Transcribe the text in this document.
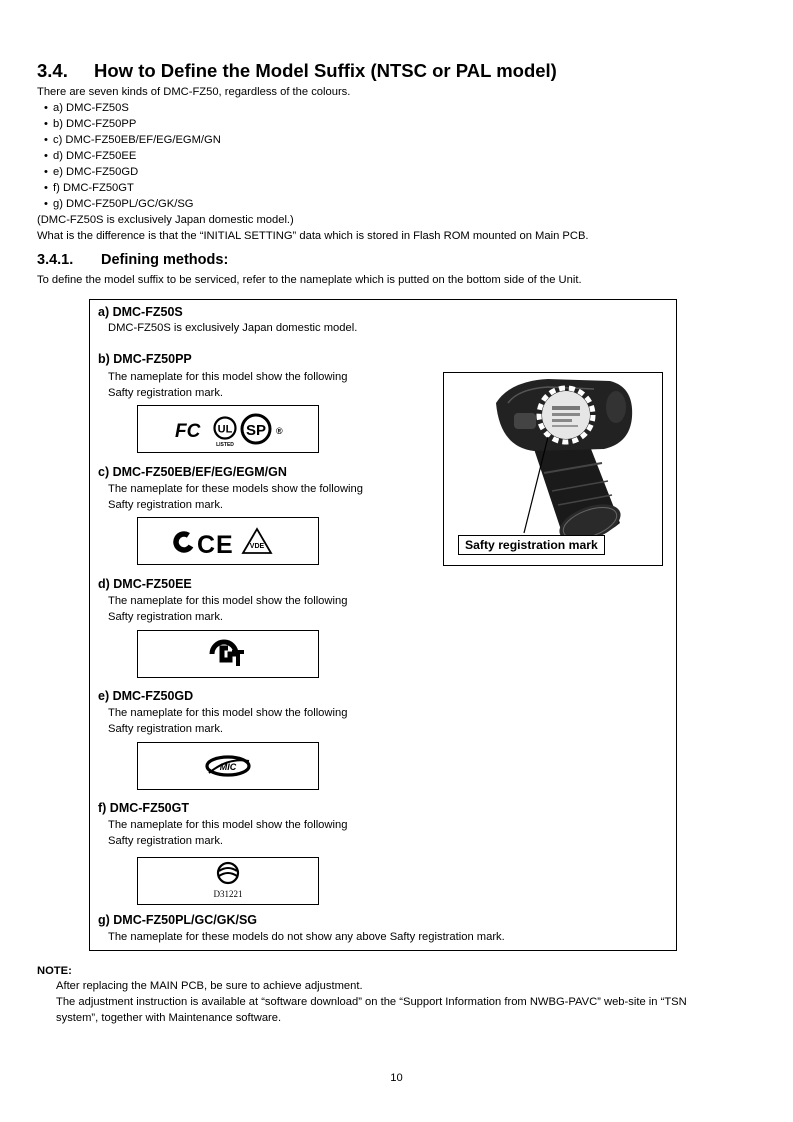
3.4. How to Define the Model Suffix (NTSC or PAL model)
There are seven kinds of DMC-FZ50, regardless of the colours.
• a) DMC-FZ50S
• b) DMC-FZ50PP
• c) DMC-FZ50EB/EF/EG/EGM/GN
• d) DMC-FZ50EE
• e) DMC-FZ50GD
• f) DMC-FZ50GT
• g) DMC-FZ50PL/GC/GK/SG
(DMC-FZ50S is exclusively Japan domestic model.)
What is the difference is that the “INITIAL SETTING” data which is stored in Flash ROM mounted on Main PCB.
3.4.1. Defining methods:
To define the model suffix to be serviced, refer to the nameplate which is putted on the bottom side of the Unit.
a) DMC-FZ50S
DMC-FZ50S is exclusively Japan domestic model.
b) DMC-FZ50PP
The nameplate for this model show the following
Safty registration mark.
FC UL
LISTED
SP ®
c) DMC-FZ50EB/EF/EG/EGM/GN
The nameplate for these models show the following
Safty registration mark.
CE VDE	Safty registration mark
d) DMC-FZ50EE
The nameplate for this model show the following
Safty registration mark.
PCT
e) DMC-FZ50GD
The nameplate for this model show the following
Safty registration mark.
MIC
f) DMC-FZ50GT
The nameplate for this model show the following
Safty registration mark.
D31221
g) DMC-FZ50PL/GC/GK/SG
The nameplate for these models do not show any above Safty registration mark.
NOTE:
After replacing the MAIN PCB, be sure to achieve adjustment.
The adjustment instruction is available at “software download” on the “Support Information from NWBG-PAVC” web-site in “TSN
system”, together with Maintenance software.
10
